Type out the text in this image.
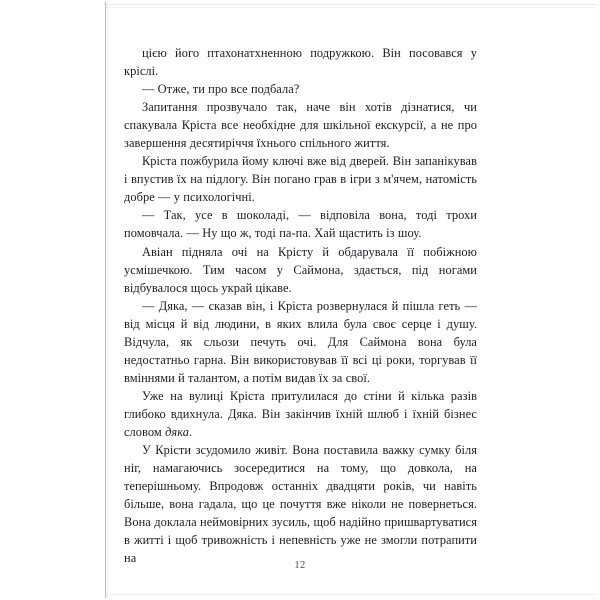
цією його птахонатхненною подружкою. Він посовався у кріслі.

— Отже, ти про все подбала?

Запитання прозвучало так, наче він хотів дізнатися, чи спакувала Кріста все необхідне для шкільної екскурсії, а не про завершення десятиріччя їхнього спільного життя.

Кріста пожбурила йому ключі вже від дверей. Він запанікував і впустив їх на підлогу. Він погано грав в ігри з м'ячем, натомість добре — у психологічні.

— Так, усе в шоколаді, — відповіла вона, тоді трохи помовчала. — Ну що ж, тоді па-па. Хай щастить із шоу.

Авіан підняла очі на Крісту й обдарувала її побіжною усмішечкою. Тим часом у Саймона, здається, під ногами відбувалося щось украй цікаве.

— Дяка, — сказав він, і Кріста розвернулася й пішла геть — від місця й від людини, в яких влила була своє серце і душу. Відчула, як сльози печуть очі. Для Саймона вона була недостатньо гарна. Він використовував її всі ці роки, торгував її вміннями й талантом, а потім видав їх за свої.

Уже на вулиці Кріста притулилася до стіни й кілька разів глибоко вдихнула. Дяка. Він закінчив їхній шлюб і їхній бізнес словом дяка.

У Крісти зсудомило живіт. Вона поставила важку сумку біля ніг, намагаючись зосередитися на тому, що довкола, на теперішньому. Впродовж останніх двадцяти років, чи навіть більше, вона гадала, що це почуття вже ніколи не повернеться. Вона доклала неймовірних зусиль, щоб надійно пришвартуватися в житті і щоб тривожність і непевність уже не змогли потрапити на

12
